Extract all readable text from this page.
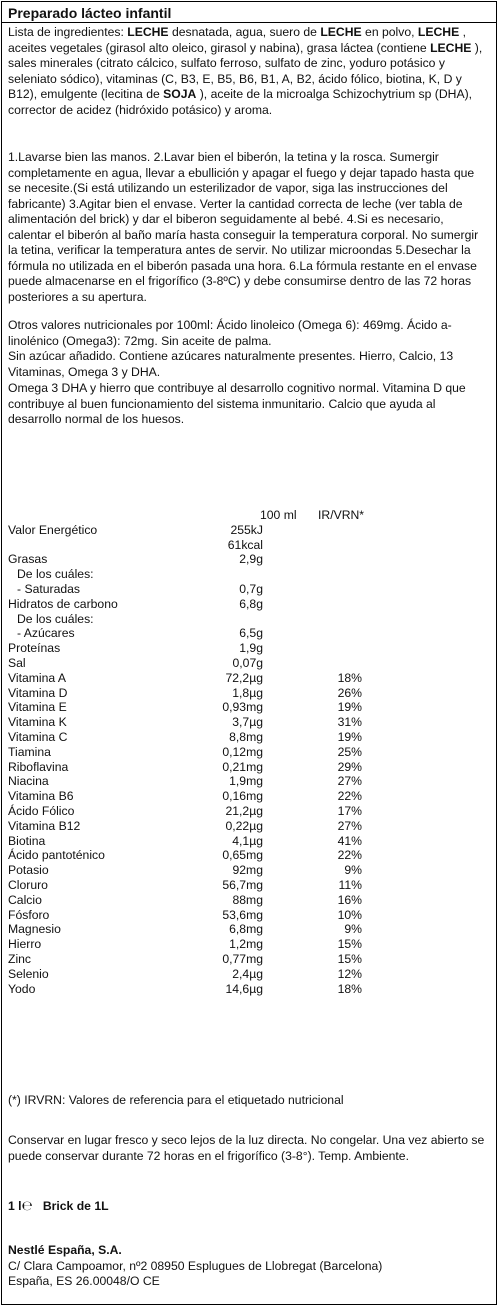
Preparado lácteo infantil
Lista de ingredientes: LECHE desnatada, agua, suero de LECHE en polvo, LECHE , aceites vegetales (girasol alto oleico, girasol y nabina), grasa láctea (contiene LECHE ), sales minerales (citrato cálcico, sulfato ferroso, sulfato de zinc, yoduro potásico y seleniato sódico), vitaminas (C, B3, E, B5, B6, B1, A, B2, ácido fólico, biotina, K, D y B12), emulgente (lecitina de SOJA ), aceite de la microalga Schizochytrium sp (DHA), corrector de acidez (hidróxido potásico) y aroma.
1.Lavarse bien las manos. 2.Lavar bien el biberón, la tetina y la rosca. Sumergir completamente en agua, llevar a ebullición y apagar el fuego y dejar tapado hasta que se necesite.(Si está utilizando un esterilizador de vapor, siga las instrucciones del fabricante) 3.Agitar bien el envase. Verter la cantidad correcta de leche (ver tabla de alimentación del brick) y dar el biberon seguidamente al bebé. 4.Si es necesario, calentar el biberón al baño maría hasta conseguir la temperatura corporal. No sumergir la tetina, verificar la temperatura antes de servir. No utilizar microondas 5.Desechar la fórmula no utilizada en el biberón pasada una hora. 6.La fórmula restante en el envase puede almacenarse en el frigorífico (3-8ºC) y debe consumirse dentro de las 72 horas posteriores a su apertura.
Otros valores nutricionales por 100ml: Ácido linoleico (Omega 6): 469mg. Ácido a-linolénico (Omega3): 72mg. Sin aceite de palma.
Sin azúcar añadido. Contiene azúcares naturalmente presentes. Hierro, Calcio, 13 Vitaminas, Omega 3 y DHA.
Omega 3 DHA y hierro que contribuye al desarrollo cognitivo normal. Vitamina D que contribuye al buen funcionamiento del sistema inmunitario. Calcio que ayuda al desarrollo normal de los huesos.
100 ml IR/VRN*
Valor Energético	255kJ
61kcal
Grasas	2,9g
De los cuáles:
- Saturadas	0,7g
Hidratos de carbono	6,8g
De los cuáles:
- Azúcares	6,5g
Proteínas	1,9g
Sal	0,07g
Vitamina A	72,2µg	18%
Vitamina D	1,8µg	26%
Vitamina E	0,93mg	19%
Vitamina K	3,7µg	31%
Vitamina C	8,8mg	19%
Tiamina	0,12mg	25%
Riboflavina	0,21mg	29%
Niacina	1,9mg	27%
Vitamina B6	0,16mg	22%
Ácido Fólico	21,2µg	17%
Vitamina B12	0,22µg	27%
Biotina	4,1µg	41%
Ácido pantoténico	0,65mg	22%
Potasio	92mg	9%
Cloruro	56,7mg	11%
Calcio	88mg	16%
Fósforo	53,6mg	10%
Magnesio	6,8mg	9%
Hierro	1,2mg	15%
Zinc	0,77mg	15%
Selenio	2,4µg	12%
Yodo	14,6µg	18%
(*) IRVRN: Valores de referencia para el etiquetado nutricional
Conservar en lugar fresco y seco lejos de la luz directa. No congelar. Una vez abierto se puede conservar durante 72 horas en el frigorífico (3-8°). Temp. Ambiente.
1 l℮ Brick de 1L
Nestlé España, S.A.
C/ Clara Campoamor, nº2 08950 Esplugues de Llobregat (Barcelona)
España, ES 26.00048/O CE
